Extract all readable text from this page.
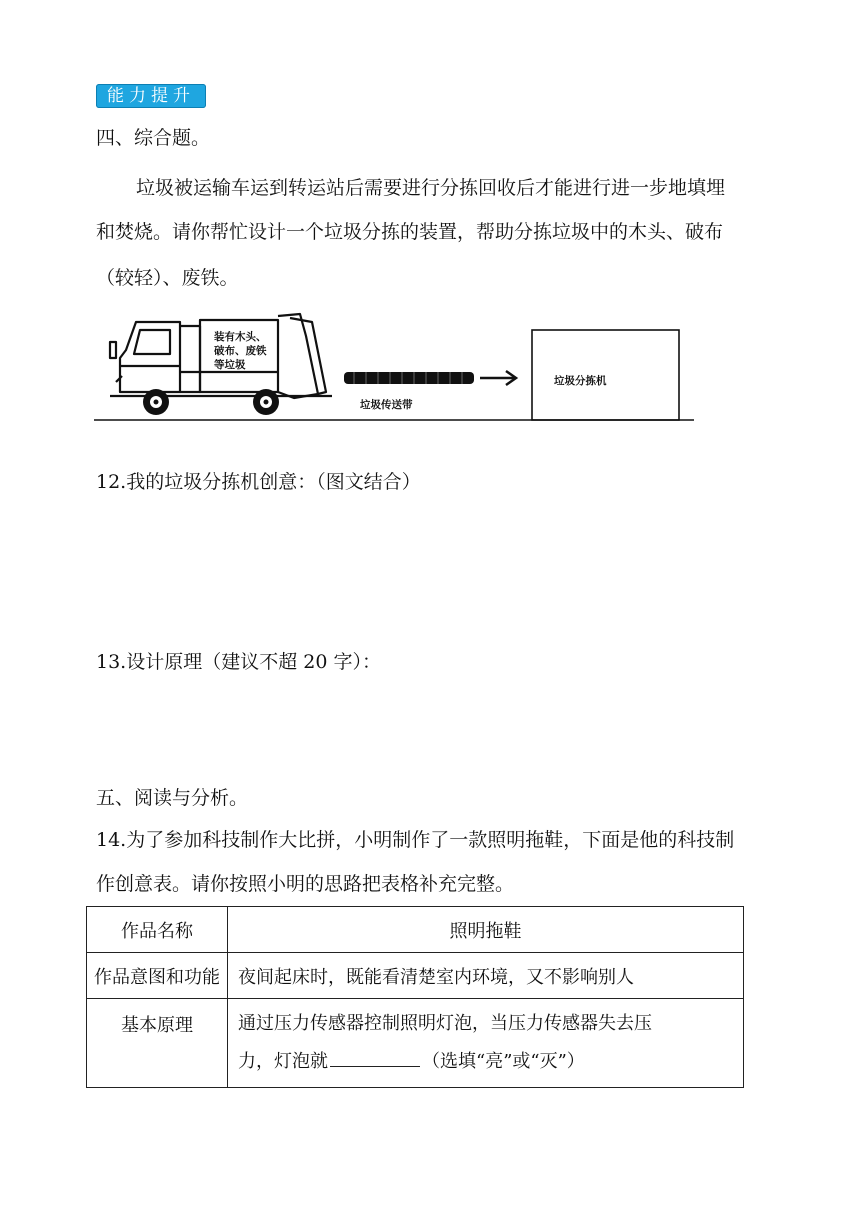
能力提升
四、综合题。
垃圾被运输车运到转运站后需要进行分拣回收后才能进行进一步地填埋
和焚烧。请你帮忙设计一个垃圾分拣的装置，帮助分拣垃圾中的木头、破布
（较轻）、废铁。
装有木头、
破布、废铁
等垃圾
垃圾传送带
垃圾分拣机
12.我的垃圾分拣机创意：（图文结合）
13.设计原理（建议不超 20 字）：
五、阅读与分析。
14.为了参加科技制作大比拼，小明制作了一款照明拖鞋，下面是他的科技制
作创意表。请你按照小明的思路把表格补充完整。
作品名称	照明拖鞋
作品意图和功能	夜间起床时，既能看清楚室内环境，又不影响别人
基本原理	通过压力传感器控制照明灯泡，当压力传感器失去压
力，灯泡就 （选填“亮”或“灭”）
